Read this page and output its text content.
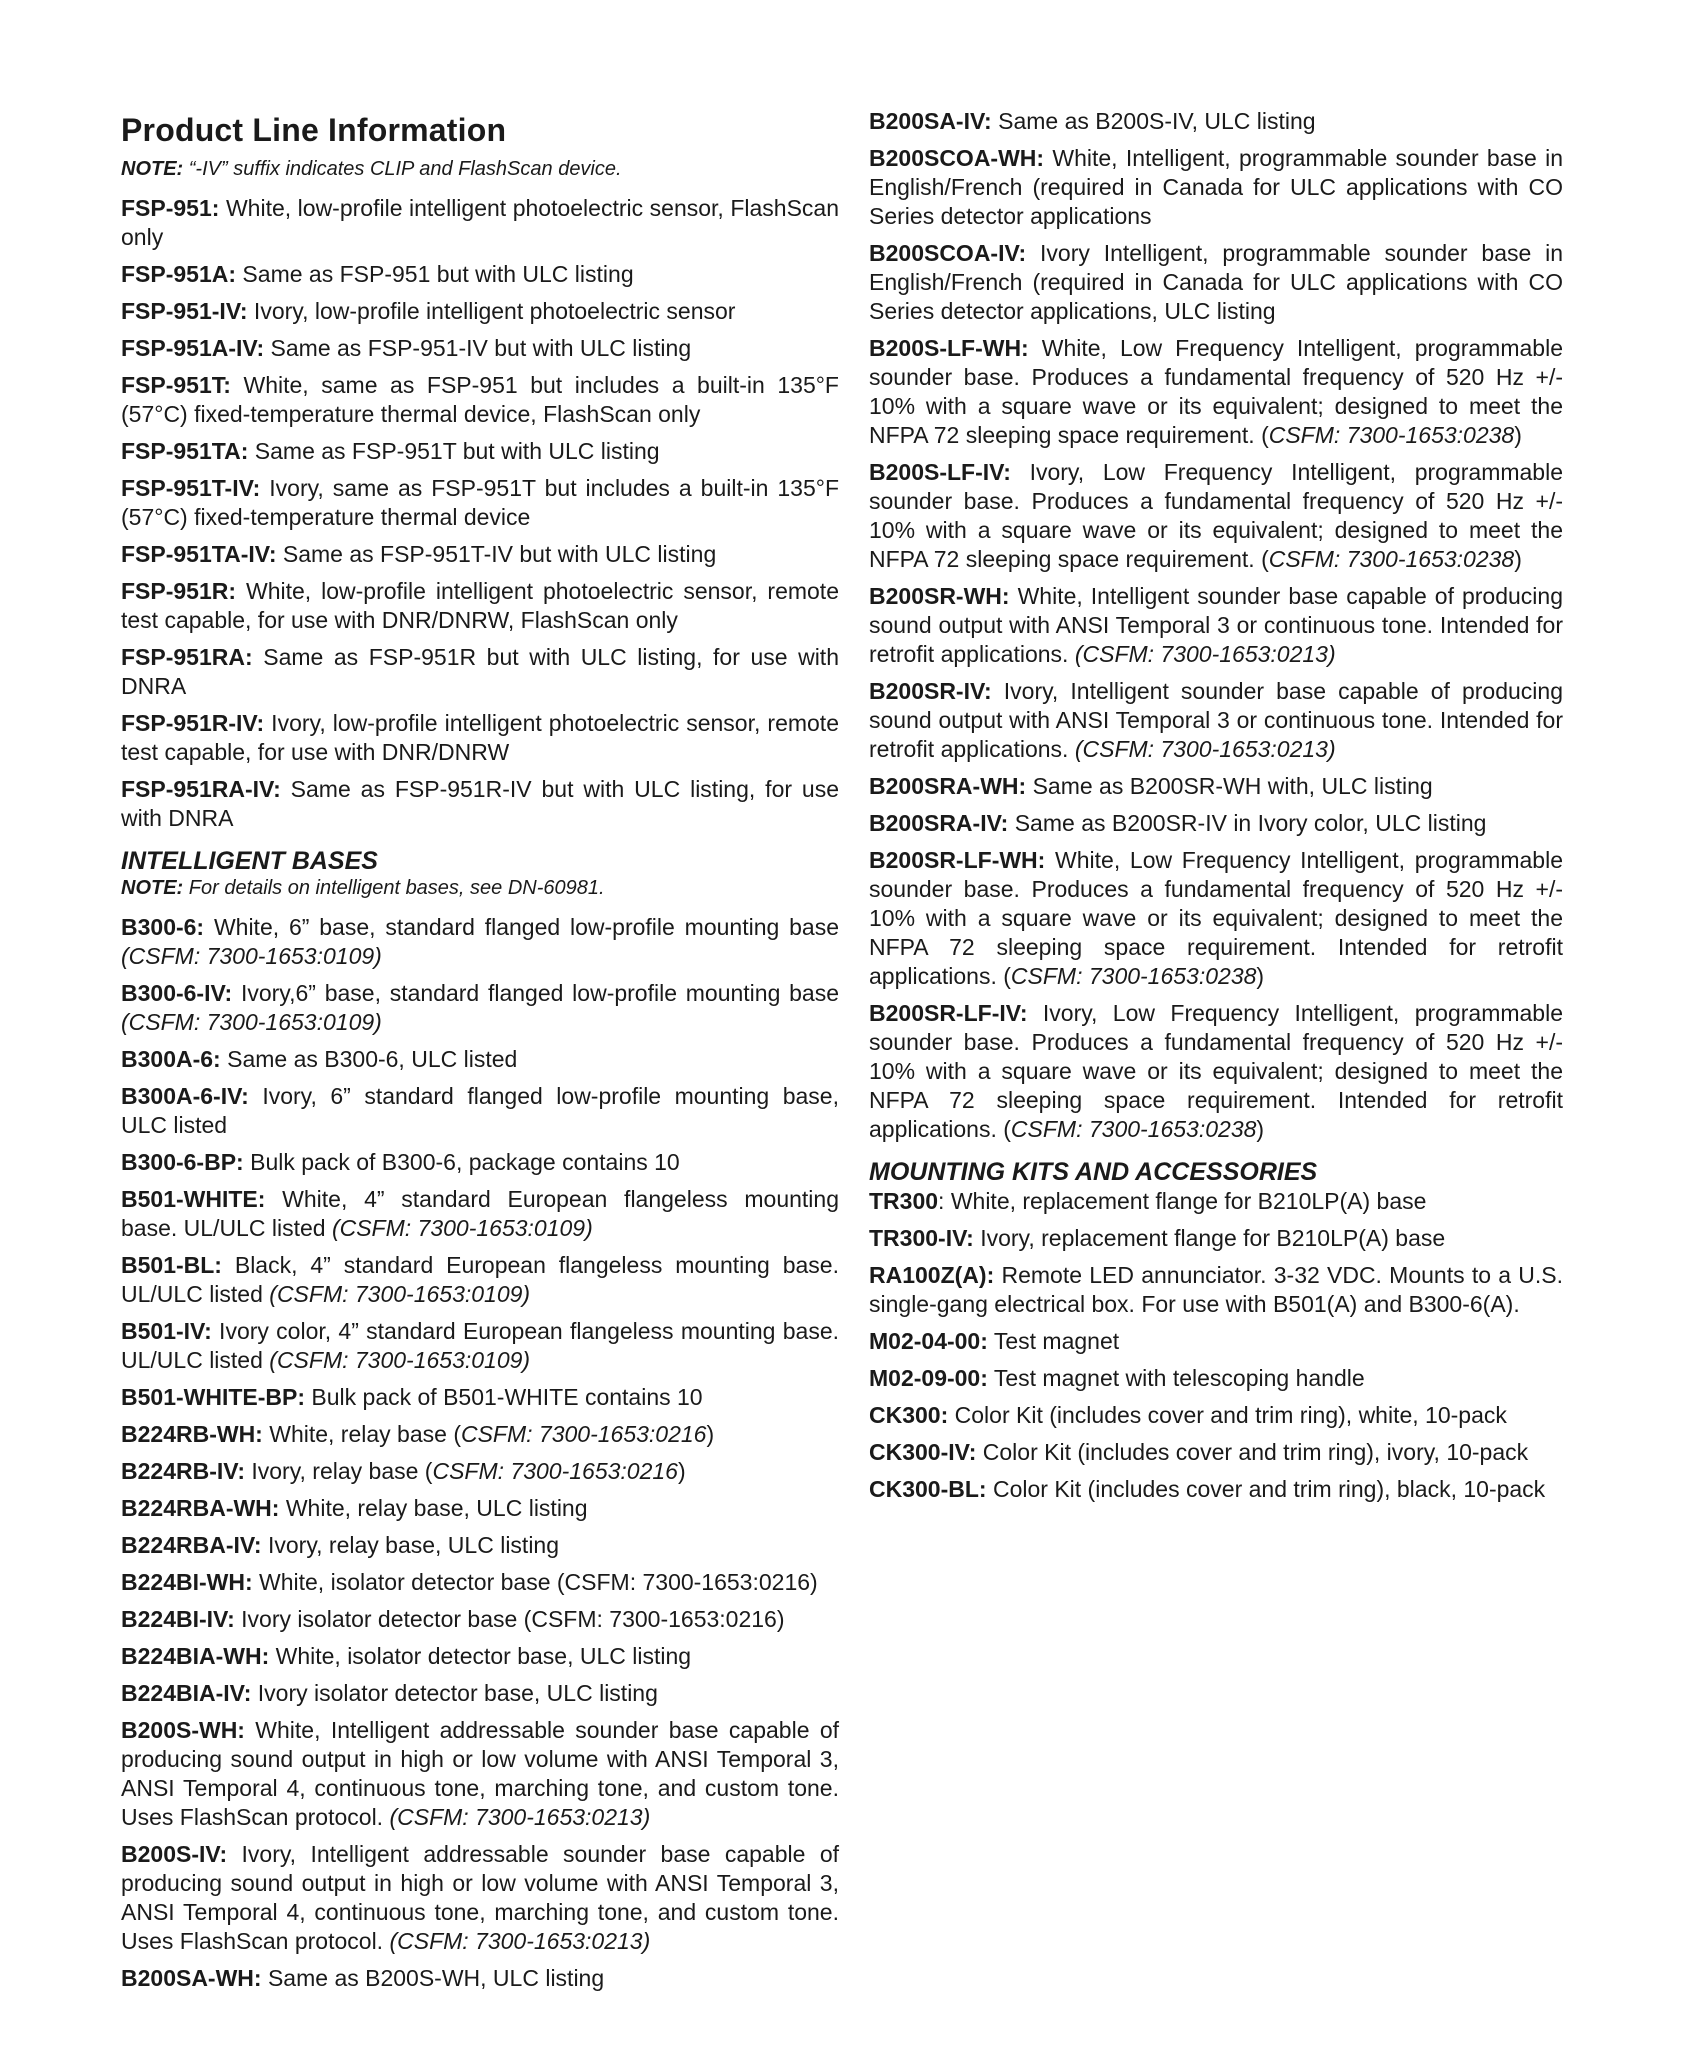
Product Line Information

NOTE: “-IV” suffix indicates CLIP and FlashScan device.

FSP-951: White, low-profile intelligent photoelectric sensor, FlashScan only

FSP-951A: Same as FSP-951 but with ULC listing

FSP-951-IV: Ivory, low-profile intelligent photoelectric sensor

FSP-951A-IV: Same as FSP-951-IV but with ULC listing

FSP-951T: White, same as FSP-951 but includes a built-in 135°F (57°C) fixed-temperature thermal device, FlashScan only

FSP-951TA: Same as FSP-951T but with ULC listing

FSP-951T-IV: Ivory, same as FSP-951T but includes a built-in 135°F (57°C) fixed-temperature thermal device

FSP-951TA-IV: Same as FSP-951T-IV but with ULC listing

FSP-951R: White, low-profile intelligent photoelectric sensor, remote test capable, for use with DNR/DNRW, FlashScan only

FSP-951RA: Same as FSP-951R but with ULC listing, for use with DNRA

FSP-951R-IV: Ivory, low-profile intelligent photoelectric sensor, remote test capable, for use with DNR/DNRW

FSP-951RA-IV: Same as FSP-951R-IV but with ULC listing, for use with DNRA

INTELLIGENT BASES

NOTE: For details on intelligent bases, see DN-60981.

B300-6: White, 6” base, standard flanged low-profile mounting base (CSFM: 7300-1653:0109)

B300-6-IV: Ivory,6” base, standard flanged low-profile mounting base (CSFM: 7300-1653:0109)

B300A-6: Same as B300-6, ULC listed

B300A-6-IV: Ivory, 6” standard flanged low-profile mounting base, ULC listed

B300-6-BP: Bulk pack of B300-6, package contains 10

B501-WHITE: White, 4” standard European flangeless mounting base. UL/ULC listed (CSFM: 7300-1653:0109)

B501-BL: Black, 4” standard European flangeless mounting base. UL/ULC listed (CSFM: 7300-1653:0109)

B501-IV: Ivory color, 4” standard European flangeless mounting base. UL/ULC listed (CSFM: 7300-1653:0109)

B501-WHITE-BP: Bulk pack of B501-WHITE contains 10

B224RB-WH: White, relay base (CSFM: 7300-1653:0216)

B224RB-IV: Ivory, relay base (CSFM: 7300-1653:0216)

B224RBA-WH: White, relay base, ULC listing

B224RBA-IV: Ivory, relay base, ULC listing

B224BI-WH: White, isolator detector base (CSFM: 7300-1653:0216)

B224BI-IV: Ivory isolator detector base (CSFM: 7300-1653:0216)

B224BIA-WH: White, isolator detector base, ULC listing

B224BIA-IV: Ivory isolator detector base, ULC listing

B200S-WH: White, Intelligent addressable sounder base capable of producing sound output in high or low volume with ANSI Temporal 3, ANSI Temporal 4, continuous tone, marching tone, and custom tone. Uses FlashScan protocol. (CSFM: 7300-1653:0213)

B200S-IV: Ivory, Intelligent addressable sounder base capable of producing sound output in high or low volume with ANSI Temporal 3, ANSI Temporal 4, continuous tone, marching tone, and custom tone. Uses FlashScan protocol. (CSFM: 7300-1653:0213)

B200SA-WH: Same as B200S-WH, ULC listing

B200SA-IV: Same as B200S-IV, ULC listing

B200SCOA-WH: White, Intelligent, programmable sounder base in English/French (required in Canada for ULC applications with CO Series detector applications

B200SCOA-IV: Ivory Intelligent, programmable sounder base in English/French (required in Canada for ULC applications with CO Series detector applications, ULC listing

B200S-LF-WH: White, Low Frequency Intelligent, programmable sounder base. Produces a fundamental frequency of 520 Hz +/- 10% with a square wave or its equivalent; designed to meet the NFPA 72 sleeping space requirement. (CSFM: 7300-1653:0238)

B200S-LF-IV: Ivory, Low Frequency Intelligent, programmable sounder base. Produces a fundamental frequency of 520 Hz +/- 10% with a square wave or its equivalent; designed to meet the NFPA 72 sleeping space requirement. (CSFM: 7300-1653:0238)

B200SR-WH: White, Intelligent sounder base capable of producing sound output with ANSI Temporal 3 or continuous tone. Intended for retrofit applications. (CSFM: 7300-1653:0213)

B200SR-IV: Ivory, Intelligent sounder base capable of producing sound output with ANSI Temporal 3 or continuous tone. Intended for retrofit applications. (CSFM: 7300-1653:0213)

B200SRA-WH: Same as B200SR-WH with, ULC listing

B200SRA-IV: Same as B200SR-IV in Ivory color, ULC listing

B200SR-LF-WH: White, Low Frequency Intelligent, programmable sounder base. Produces a fundamental frequency of 520 Hz +/- 10% with a square wave or its equivalent; designed to meet the NFPA 72 sleeping space requirement. Intended for retrofit applications. (CSFM: 7300-1653:0238)

B200SR-LF-IV: Ivory, Low Frequency Intelligent, programmable sounder base. Produces a fundamental frequency of 520 Hz +/- 10% with a square wave or its equivalent; designed to meet the NFPA 72 sleeping space requirement. Intended for retrofit applications. (CSFM: 7300-1653:0238)

MOUNTING KITS AND ACCESSORIES

TR300: White, replacement flange for B210LP(A) base

TR300-IV: Ivory, replacement flange for B210LP(A) base

RA100Z(A): Remote LED annunciator. 3-32 VDC. Mounts to a U.S. single-gang electrical box. For use with B501(A) and B300-6(A).

M02-04-00: Test magnet

M02-09-00: Test magnet with telescoping handle

CK300: Color Kit (includes cover and trim ring), white, 10-pack

CK300-IV: Color Kit (includes cover and trim ring), ivory, 10-pack

CK300-BL: Color Kit (includes cover and trim ring), black, 10-pack
